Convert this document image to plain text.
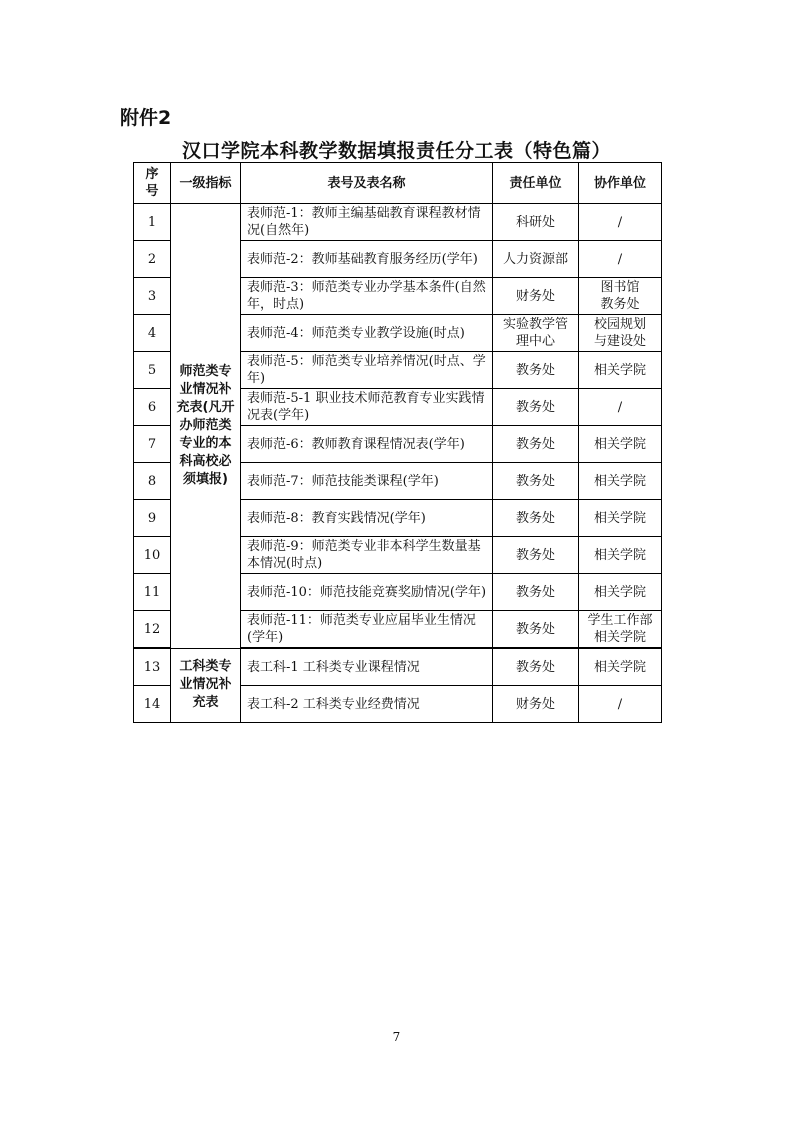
附件2
汉口学院本科教学数据填报责任分工表（特色篇）
序号	一级指标	表号及表名称	责任单位	协作单位
1	师范类专业情况补充表(凡开办师范类专业的本科高校必须填报)	表师范-1：教师主编基础教育课程教材情况(自然年)	科研处	/
2		表师范-2：教师基础教育服务经历(学年)	人力资源部	/
3		表师范-3：师范类专业办学基本条件(自然年，时点)	财务处	图书馆 教务处
4		表师范-4：师范类专业教学设施(时点)	实验教学管理中心	校园规划与建设处
5		表师范-5：师范类专业培养情况(时点、学年)	教务处	相关学院
6		表师范-5-1 职业技术师范教育专业实践情况表(学年)	教务处	/
7		表师范-6：教师教育课程情况表(学年)	教务处	相关学院
8		表师范-7：师范技能类课程(学年)	教务处	相关学院
9		表师范-8：教育实践情况(学年)	教务处	相关学院
10		表师范-9：师范类专业非本科学生数量基本情况(时点)	教务处	相关学院
11		表师范-10：师范技能竞赛奖励情况(学年)	教务处	相关学院
12		表师范-11：师范类专业应届毕业生情况(学年)	教务处	学生工作部 相关学院
13	工科类专业情况补充表	表工科-1 工科类专业课程情况	教务处	相关学院
14		表工科-2 工科类专业经费情况	财务处	/
7
